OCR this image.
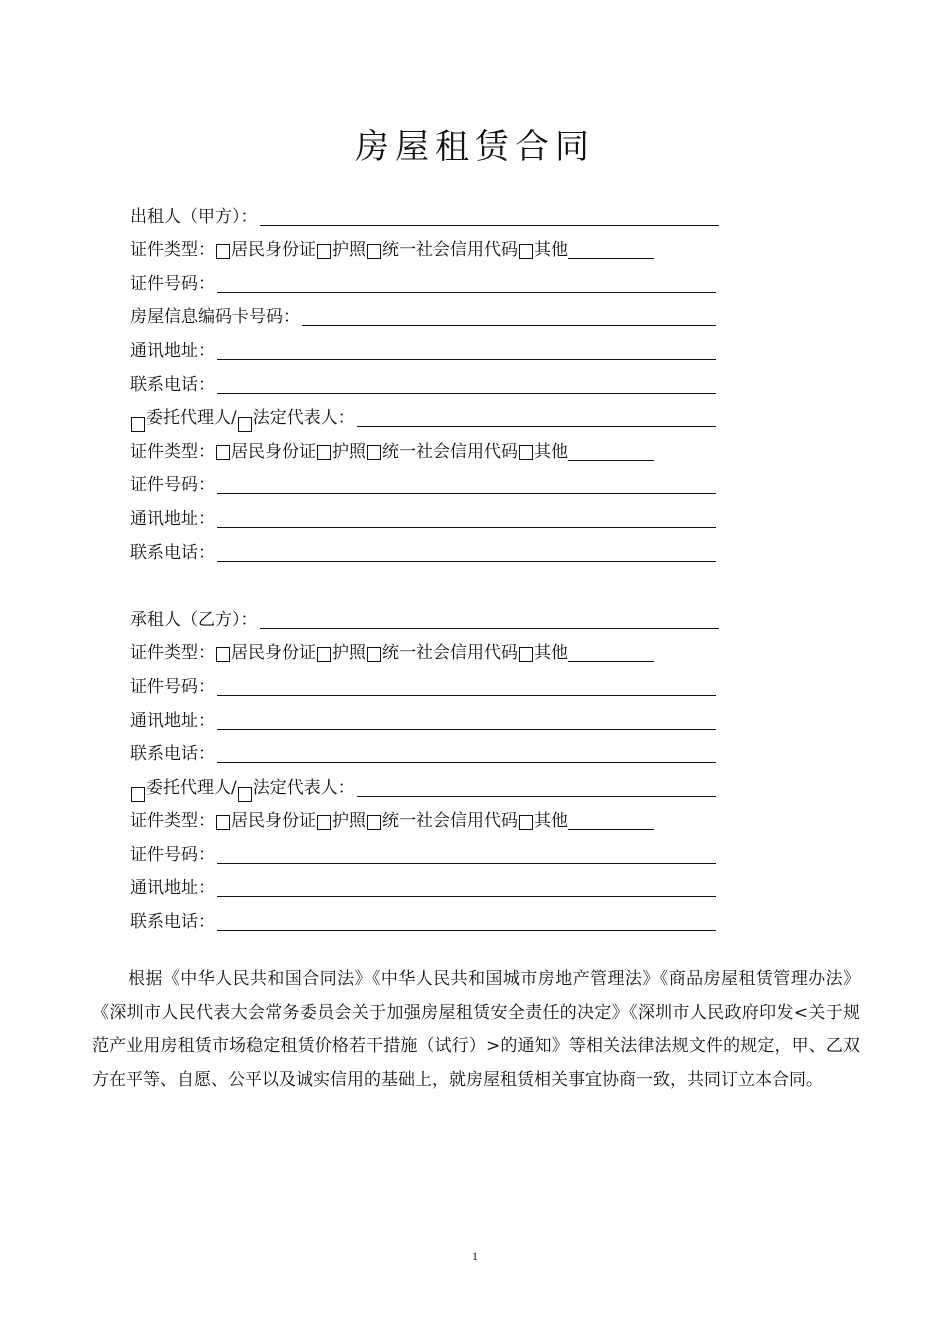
房屋租赁合同
出租人（甲方）：
证件类型： 居民身份证 护照 统一社会信用代码 其他
证件号码：
房屋信息编码卡号码：
通讯地址：
联系电话：
委托代理人/ 法定代表人：
证件类型： 居民身份证 护照 统一社会信用代码 其他
证件号码：
通讯地址：
联系电话：
承租人（乙方）：
证件类型： 居民身份证 护照 统一社会信用代码 其他
证件号码：
通讯地址：
联系电话：
委托代理人/ 法定代表人：
证件类型： 居民身份证 护照 统一社会信用代码 其他
证件号码：
通讯地址：
联系电话：
根据《中华人民共和国合同法》《中华人民共和国城市房地产管理法》《商品房屋租赁管理办法》《深圳市人民代表大会常务委员会关于加强房屋租赁安全责任的决定》《深圳市人民政府印发<关于规范产业用房租赁市场稳定租赁价格若干措施（试行）>的通知》等相关法律法规文件的规定，甲、乙双方在平等、自愿、公平以及诚实信用的基础上，就房屋租赁相关事宜协商一致，共同订立本合同。
1
